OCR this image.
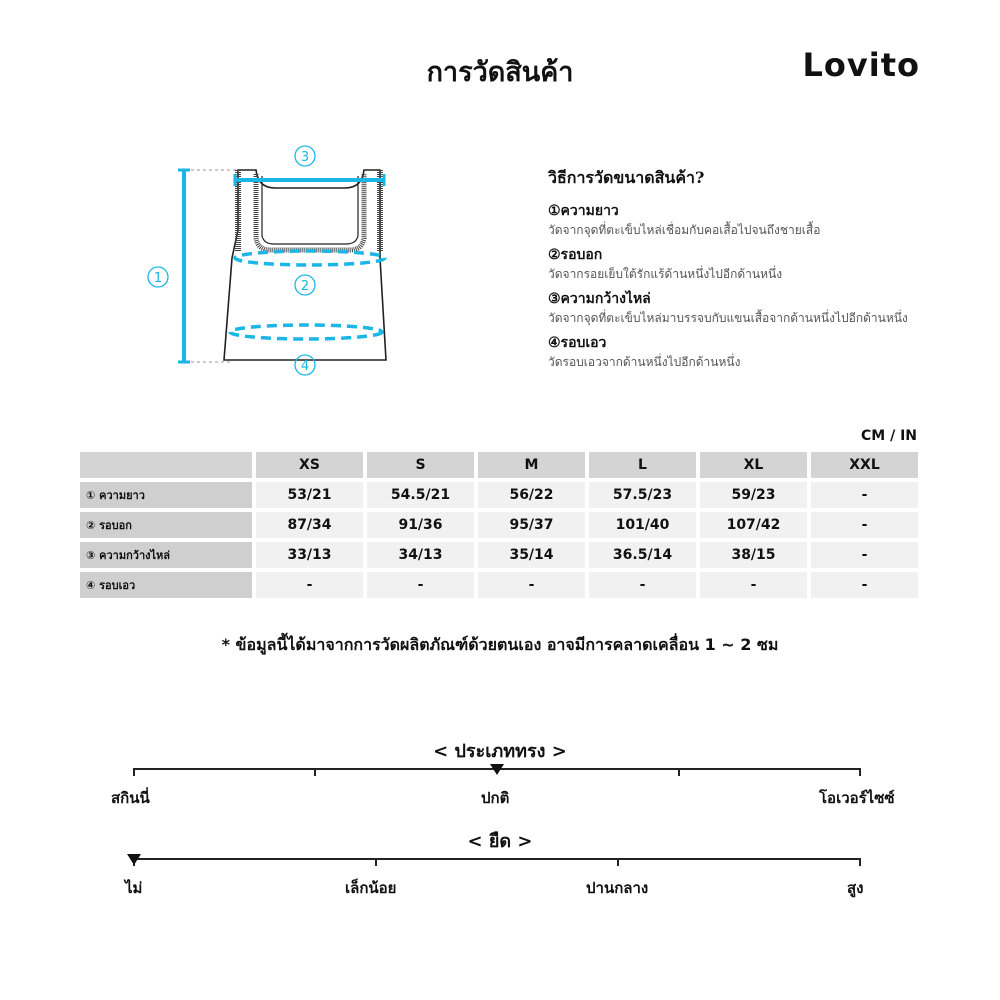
การวัดสินค้า	Lovito
1
3
2
4
วิธีการวัดขนาดสินค้า?
①ความยาว
วัดจากจุดที่ตะเข็บไหล่เชื่อมกับคอเสื้อไปจนถึงชายเสื้อ
②รอบอก
วัดจากรอยเย็บใต้รักแร้ด้านหนึ่งไปอีกด้านหนึ่ง
③ความกว้างไหล่
วัดจากจุดที่ตะเข็บไหล่มาบรรจบกับแขนเสื้อจากด้านหนึ่งไปอีกด้านหนึ่ง
④รอบเอว
วัดรอบเอวจากด้านหนึ่งไปอีกด้านหนึ่ง
CM / IN
	XS	S	M	L	XL	XXL
① ความยาว	53/21	54.5/21	56/22	57.5/23	59/23	-
② รอบอก	87/34	91/36	95/37	101/40	107/42	-
③ ความกว้างไหล่	33/13	34/13	35/14	36.5/14	38/15	-
④ รอบเอว	-	-	-	-	-	-
* ข้อมูลนี้ได้มาจากการวัดผลิตภัณฑ์ด้วยตนเอง อาจมีการคลาดเคลื่อน 1 ~ 2 ซม
< ประเภททรง >
สกินนี่	ปกติ	โอเวอร์ไซซ์
< ยืด >
ไม่	เล็กน้อย	ปานกลาง	สูง
